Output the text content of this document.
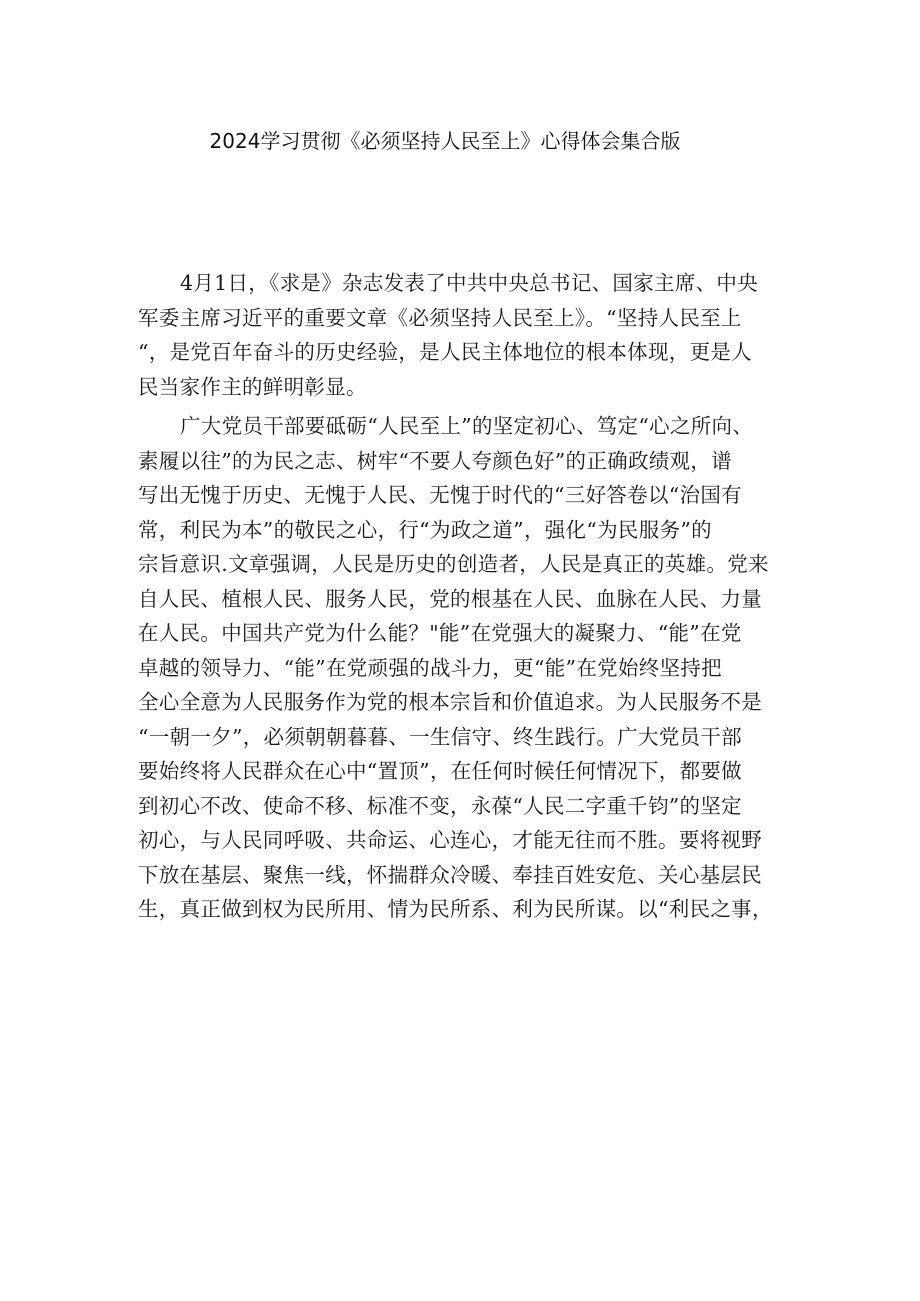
2024学习贯彻《必须坚持人民至上》心得体会集合版
4月1日，《求是》杂志发表了中共中央总书记、国家主席、中央
军委主席习近平的重要文章《必须坚持人民至上》。“坚持人民至上
“，是党百年奋斗的历史经验，是人民主体地位的根本体现，更是人
民当家作主的鲜明彰显。
广大党员干部要砥砺“人民至上”的坚定初心、笃定“心之所向、
素履以往”的为民之志、树牢“不要人夸颜色好”的正确政绩观，谱
写出无愧于历史、无愧于人民、无愧于时代的“三好答卷以“治国有
常，利民为本”的敬民之心，行“为政之道”，强化“为民服务”的
宗旨意识.文章强调，人民是历史的创造者，人民是真正的英雄。党来
自人民、植根人民、服务人民，党的根基在人民、血脉在人民、力量
在人民。中国共产党为什么能？"能”在党强大的凝聚力、“能”在党
卓越的领导力、“能”在党顽强的战斗力，更“能”在党始终坚持把
全心全意为人民服务作为党的根本宗旨和价值追求。为人民服务不是
“一朝一夕”，必须朝朝暮暮、一生信守、终生践行。广大党员干部
要始终将人民群众在心中“置顶”，在任何时候任何情况下，都要做
到初心不改、使命不移、标准不变，永葆“人民二字重千钧”的坚定
初心，与人民同呼吸、共命运、心连心，才能无往而不胜。要将视野
下放在基层、聚焦一线，怀揣群众冷暖、奉挂百姓安危、关心基层民
生，真正做到权为民所用、情为民所系、利为民所谋。以“利民之事，
